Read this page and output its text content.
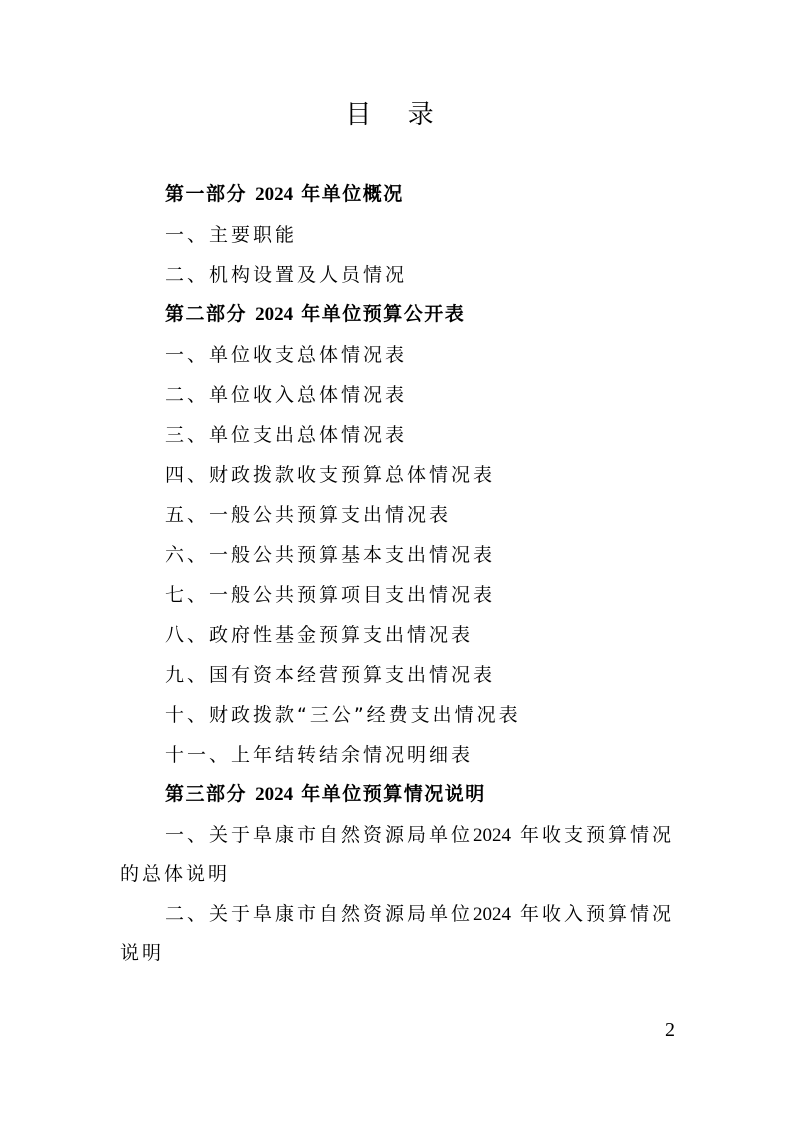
目 录
第一部分 2024 年单位概况
一、主要职能
二、机构设置及人员情况
第二部分 2024 年单位预算公开表
一、单位收支总体情况表
二、单位收入总体情况表
三、单位支出总体情况表
四、财政拨款收支预算总体情况表
五、一般公共预算支出情况表
六、一般公共预算基本支出情况表
七、一般公共预算项目支出情况表
八、政府性基金预算支出情况表
九、国有资本经营预算支出情况表
十、财政拨款“三公”经费支出情况表
十一、上年结转结余情况明细表
第三部分 2024 年单位预算情况说明
一、关于阜康市自然资源局单位2024 年收支预算情况
的总体说明
二、关于阜康市自然资源局单位2024 年收入预算情况
说明
2
